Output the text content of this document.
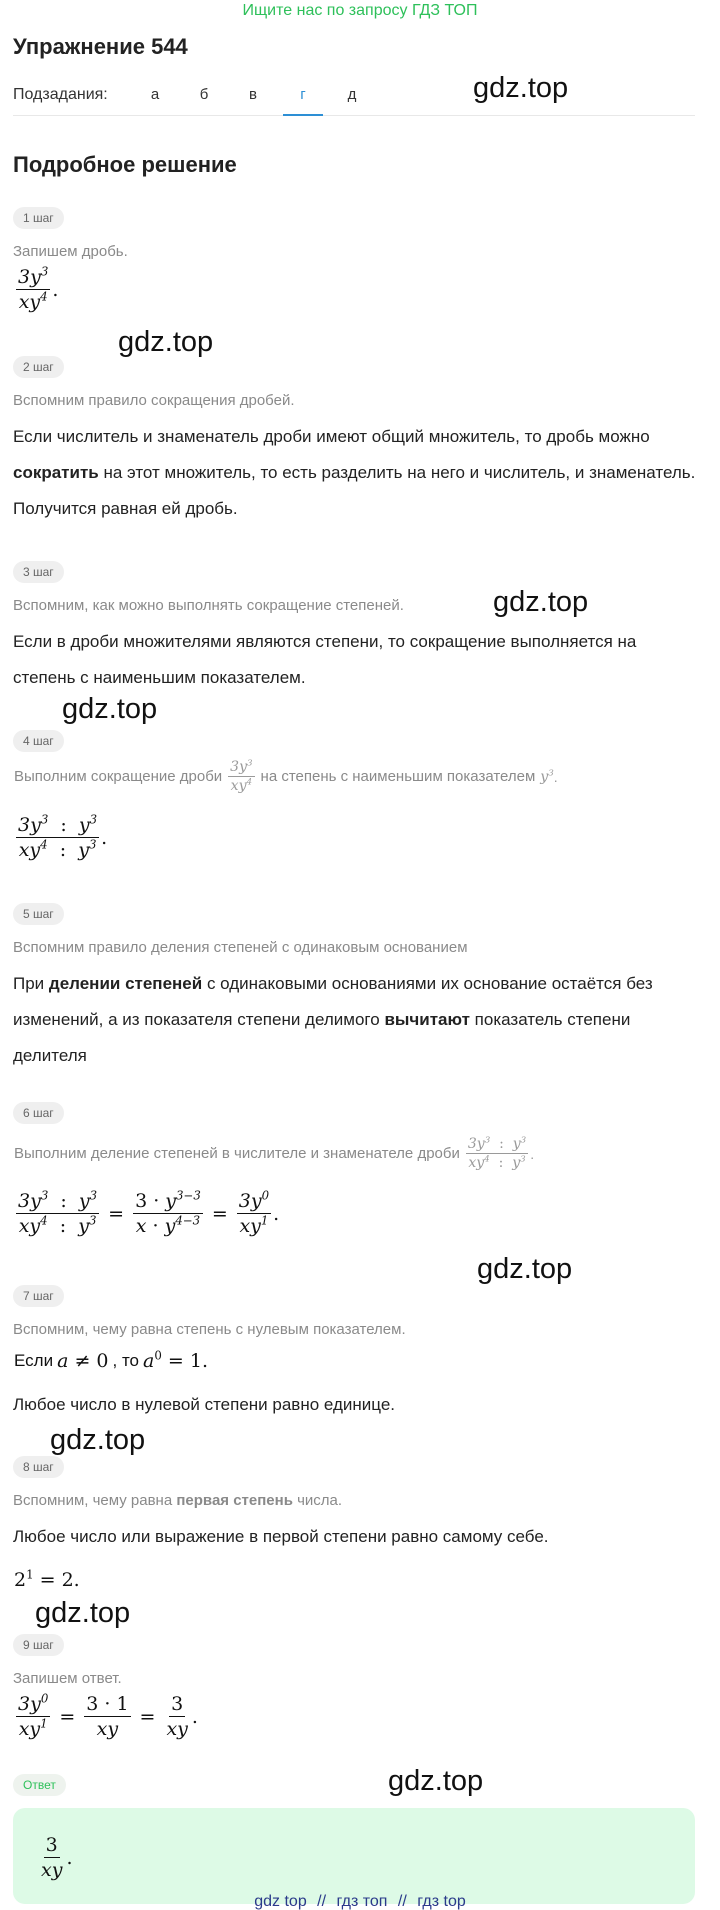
Ищите нас по запросу ГДЗ ТОП
Упражнение 544
Подзадания:	а	б	в	г	д
Подробное решение
gdz.top
gdz.top
gdz.top
gdz.top
gdz.top
gdz.top
gdz.top
gdz.top
1 шаг
Запишем дробь.
$\frac{3y^3}{xy^4}$ .
2 шаг
Вспомним правило сокращения дробей.
Если числитель и знаменатель дроби имеют общий множитель, то дробь можно сократить на этот множитель, то есть разделить на него и числитель, и знаменатель. Получится равная ей дробь.
3 шаг
Вспомним, как можно выполнять сокращение степеней.
Если в дроби множителями являются степени, то сокращение выполняется на степень с наименьшим показателем.
4 шаг
Выполним сокращение дроби $\frac{3y^3}{xy^4}$ на степень с наименьшим показателем $y^3$ .
$\frac{3y^3 : y^3}{xy^4 : y^3}$ .
5 шаг
Вспомним правило деления степеней с одинаковым основанием
При делении степеней с одинаковыми основаниями их основание остаётся без изменений, а из показателя степени делимого вычитают показатель степени делителя
6 шаг
Выполним деление степеней в числителе и знаменателе дроби $\frac{3y^3 : y^3}{xy^4 : y^3}$ .
$\frac{3y^3 : y^3}{xy^4 : y^3} = \frac{3 \cdot y^{3-3}}{x \cdot y^{4-3}} = \frac{3y^0}{xy^1}$ .
7 шаг
Вспомним, чему равна степень с нулевым показателем.
Если a ≠ 0 , то $a^0 = 1$.
Любое число в нулевой степени равно единице.
8 шаг
Вспомним, чему равна первая степень числа.
Любое число или выражение в первой степени равно самому себе.
$2^1 = 2$.
9 шаг
Запишем ответ.
$\frac{3y^0}{xy^1} = \frac{3 \cdot 1}{xy} = \frac{3}{xy}$ .
Ответ
$\frac{3}{xy}$ .
gdz top // гдз топ // гдз top
